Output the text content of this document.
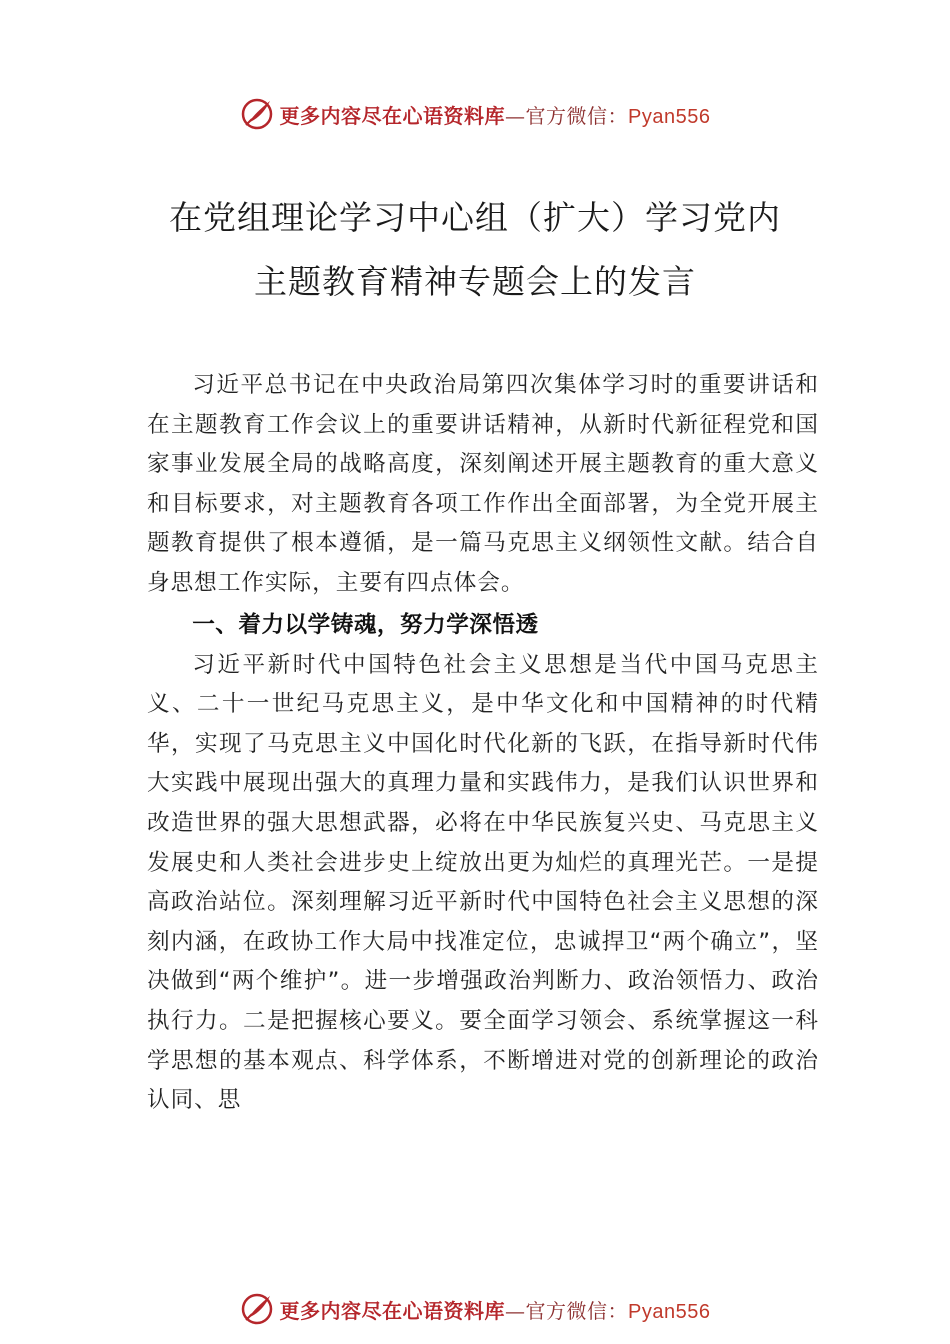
更多内容尽在心语资料库—官方微信：Pyan556
在党组理论学习中心组（扩大）学习党内
主题教育精神专题会上的发言

习近平总书记在中央政治局第四次集体学习时的重要讲话和在主题教育工作会议上的重要讲话精神，从新时代新征程党和国家事业发展全局的战略高度，深刻阐述开展主题教育的重大意义和目标要求，对主题教育各项工作作出全面部署，为全党开展主题教育提供了根本遵循，是一篇马克思主义纲领性文献。结合自身思想工作实际，主要有四点体会。

一、着力以学铸魂，努力学深悟透

习近平新时代中国特色社会主义思想是当代中国马克思主义、二十一世纪马克思主义，是中华文化和中国精神的时代精华，实现了马克思主义中国化时代化新的飞跃，在指导新时代伟大实践中展现出强大的真理力量和实践伟力，是我们认识世界和改造世界的强大思想武器，必将在中华民族复兴史、马克思主义发展史和人类社会进步史上绽放出更为灿烂的真理光芒。一是提高政治站位。深刻理解习近平新时代中国特色社会主义思想的深刻内涵，在政协工作大局中找准定位，忠诚捍卫“两个确立”，坚决做到“两个维护”。进一步增强政治判断力、政治领悟力、政治执行力。二是把握核心要义。要全面学习领会、系统掌握这一科学思想的基本观点、科学体系，不断增进对党的创新理论的政治认同、思

更多内容尽在心语资料库—官方微信：Pyan556
